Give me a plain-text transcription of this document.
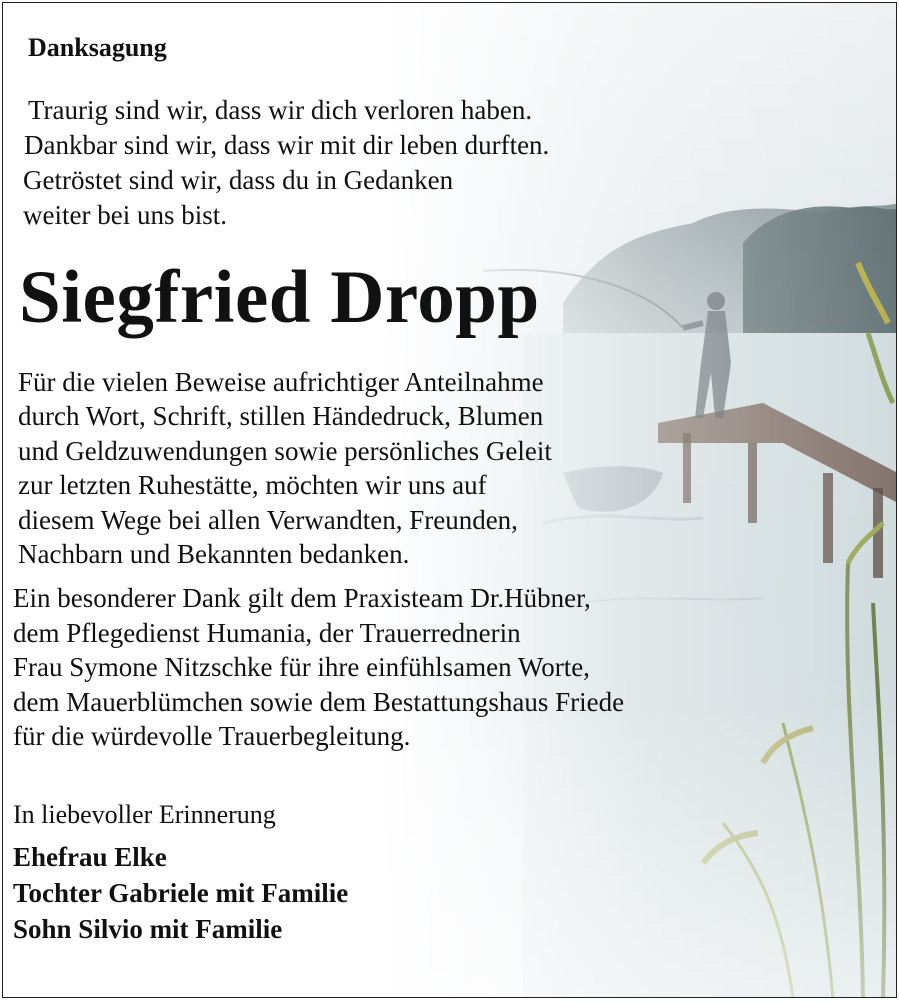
Danksagung
Traurig sind wir, dass wir dich verloren haben.
Dankbar sind wir, dass wir mit dir leben durften.
Getröstet sind wir, dass du in Gedanken
weiter bei uns bist.
Siegfried Dropp
Für die vielen Beweise aufrichtiger Anteilnahme
durch Wort, Schrift, stillen Händedruck, Blumen
und Geldzuwendungen sowie persönliches Geleit
zur letzten Ruhestätte, möchten wir uns auf
diesem Wege bei allen Verwandten, Freunden,
Nachbarn und Bekannten bedanken.
Ein besonderer Dank gilt dem Praxisteam Dr.Hübner,
dem Pflegedienst Humania, der Trauerrednerin
Frau Symone Nitzschke für ihre einfühlsamen Worte,
dem Mauerblümchen sowie dem Bestattungshaus Friede
für die würdevolle Trauerbegleitung.
In liebevoller Erinnerung
Ehefrau Elke
Tochter Gabriele mit Familie
Sohn Silvio mit Familie
